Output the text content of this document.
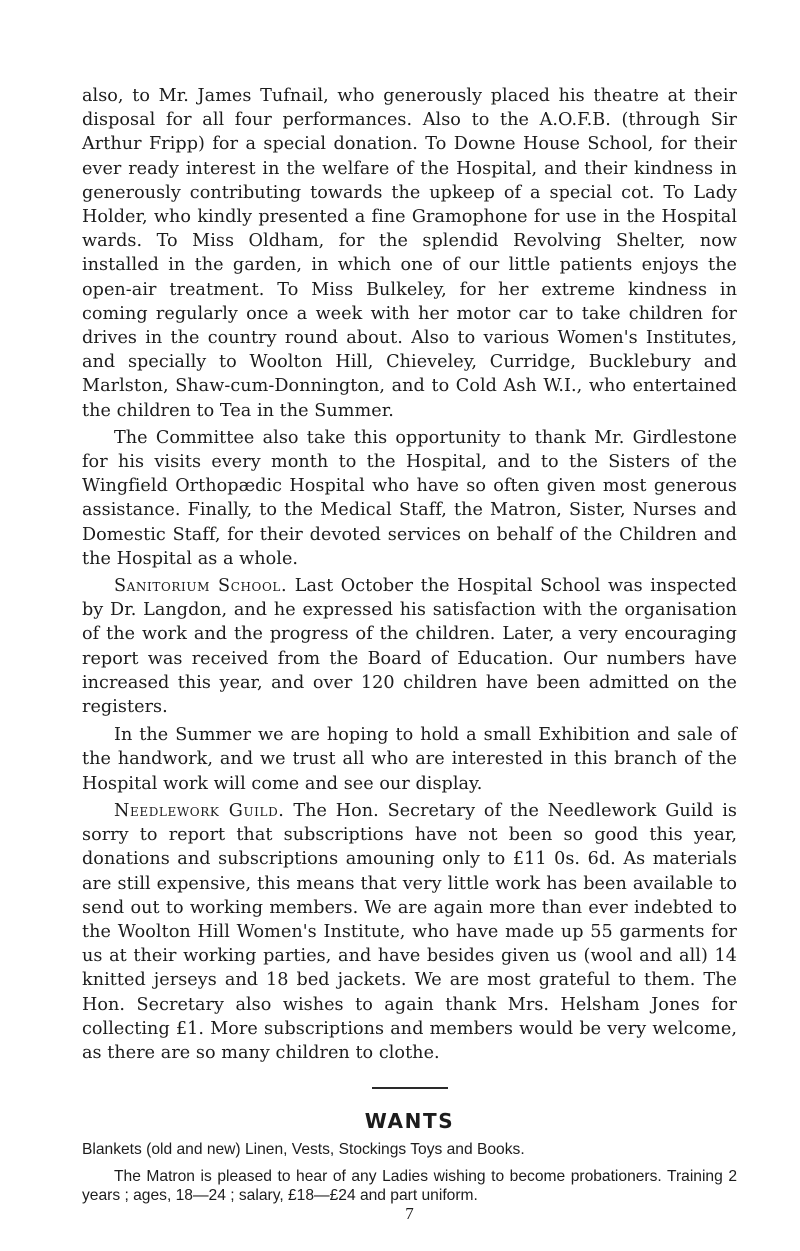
also, to Mr. James Tufnail, who generously placed his theatre at their disposal for all four performances. Also to the A.O.F.B. (through Sir Arthur Fripp) for a special donation. To Downe House School, for their ever ready interest in the welfare of the Hospital, and their kindness in generously contributing towards the upkeep of a special cot. To Lady Holder, who kindly presented a fine Gramophone for use in the Hospital wards. To Miss Oldham, for the splendid Revolving Shelter, now installed in the garden, in which one of our little patients enjoys the open-air treatment. To Miss Bulkeley, for her extreme kindness in coming regularly once a week with her motor car to take children for drives in the country round about. Also to various Women's Institutes, and specially to Woolton Hill, Chieveley, Curridge, Bucklebury and Marlston, Shaw-cum-Donnington, and to Cold Ash W.I., who entertained the children to Tea in the Summer.

The Committee also take this opportunity to thank Mr. Girdlestone for his visits every month to the Hospital, and to the Sisters of the Wingfield Orthopædic Hospital who have so often given most generous assistance. Finally, to the Medical Staff, the Matron, Sister, Nurses and Domestic Staff, for their devoted services on behalf of the Children and the Hospital as a whole.

Sanitorium School. Last October the Hospital School was inspected by Dr. Langdon, and he expressed his satisfaction with the organisation of the work and the progress of the children. Later, a very encouraging report was received from the Board of Education. Our numbers have increased this year, and over 120 children have been admitted on the registers.

In the Summer we are hoping to hold a small Exhibition and sale of the handwork, and we trust all who are interested in this branch of the Hospital work will come and see our display.

Needlework Guild. The Hon. Secretary of the Needlework Guild is sorry to report that subscriptions have not been so good this year, donations and subscriptions amouning only to £11 0s. 6d. As materials are still expensive, this means that very little work has been available to send out to working members. We are again more than ever indebted to the Woolton Hill Women's Institute, who have made up 55 garments for us at their working parties, and have besides given us (wool and all) 14 knitted jerseys and 18 bed jackets. We are most grateful to them. The Hon. Secretary also wishes to again thank Mrs. Helsham Jones for collecting £1. More subscriptions and members would be very welcome, as there are so many children to clothe.

WANTS

Blankets (old and new) Linen, Vests, Stockings Toys and Books.

The Matron is pleased to hear of any Ladies wishing to become probationers. Training 2 years ; ages, 18—24 ; salary, £18—£24 and part uniform.

7
